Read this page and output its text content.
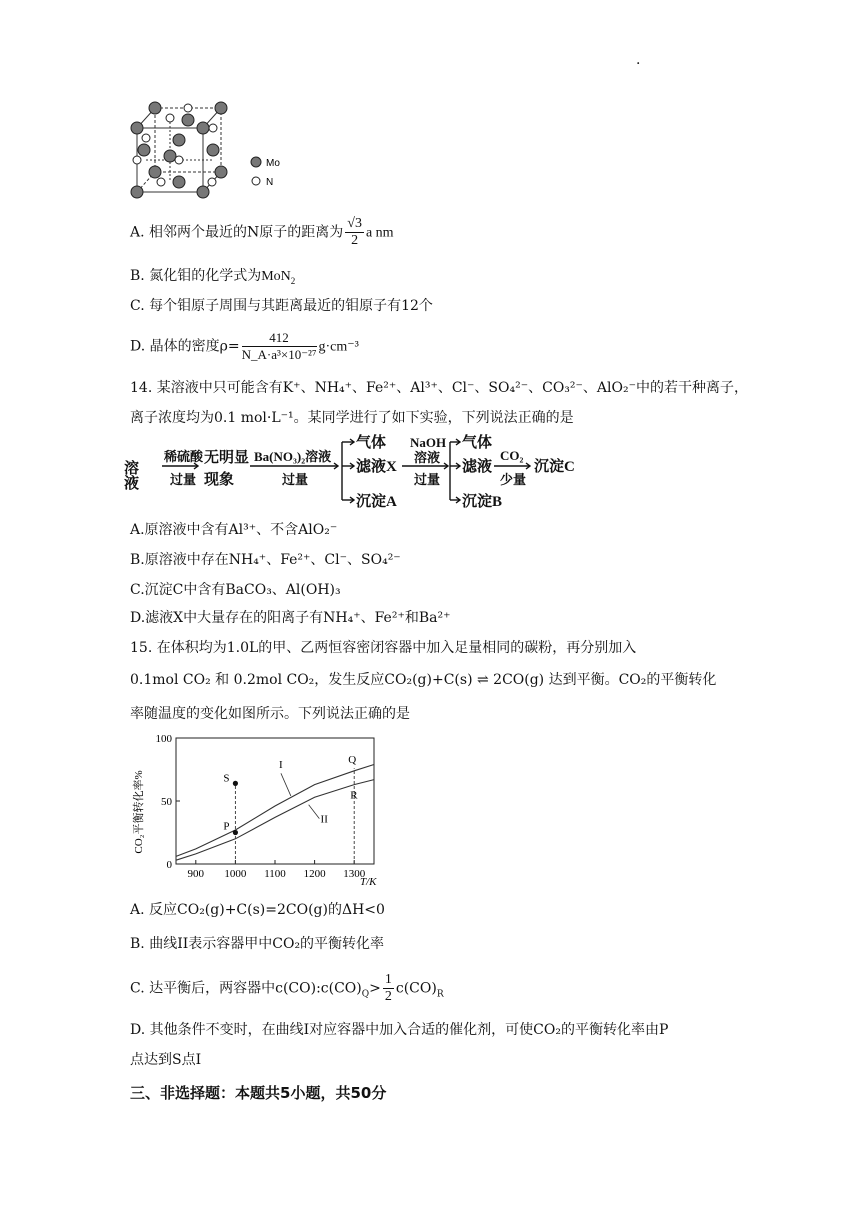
·
Mo
N
A. 相邻两个最近的N原子的距离为 $\frac{√3}{2}$ a nm
B. 氮化钼的化学式为MoN$_2$
C. 每个钼原子周围与其距离最近的钼原子有12个
D. 晶体的密度$\rho= \frac{412}{\text{N\_A·a³×10⁻²⁷}} g\cdot cm^{-3}$
14. 某溶液中只可能含有K⁺、NH₄⁺、Fe²⁺、Al³⁺、Cl⁻、SO₄²⁻、CO₃²⁻、AlO₂⁻中的若干种离子，
离子浓度均为0.1 mol·L⁻¹。某同学进行了如下实验，下列说法正确的是
溶液
稀硫酸
过量
无明显
现象
Ba(NO₃)₂溶液
过量
气体
滤液X
沉淀A
NaOH
溶液
过量
气体
滤液
沉淀B
CO₂
少量
沉淀C
A.原溶液中含有Al³⁺、不含AlO₂⁻
B.原溶液中存在NH₄⁺、Fe²⁺、Cl⁻、SO₄²⁻
C.沉淀C中含有BaCO₃、Al(OH)₃
D.滤液X中大量存在的阳离子有NH₄⁺、Fe²⁺和Ba²⁺
15. 在体积均为1.0L的甲、乙两恒容密闭容器中加入足量相同的碳粉，再分别加入
0.1mol CO₂ 和 0.2mol CO₂，发生反应CO₂(g)+C(s) ⇌ 2CO(g) 达到平衡。CO₂的平衡转化
率随温度的变化如图所示。下列说法正确的是
CO₂平衡转化率%
T/K
900 1000 1100 1200 1300
0
50
100
I
II
S
P
Q
R
A. 反应CO₂(g)+C(s)=2CO(g)的ΔH<0
B. 曲线II表示容器甲中CO₂的平衡转化率
C. 达平衡后，两容器中$c(CO):c(CO)_Q> \frac{1}{2} c(CO)_R$
D. 其他条件不变时，在曲线I对应容器中加入合适的催化剂，可使CO₂的平衡转化率由P
点达到S点I
三、非选择题：本题共5小题，共50分
